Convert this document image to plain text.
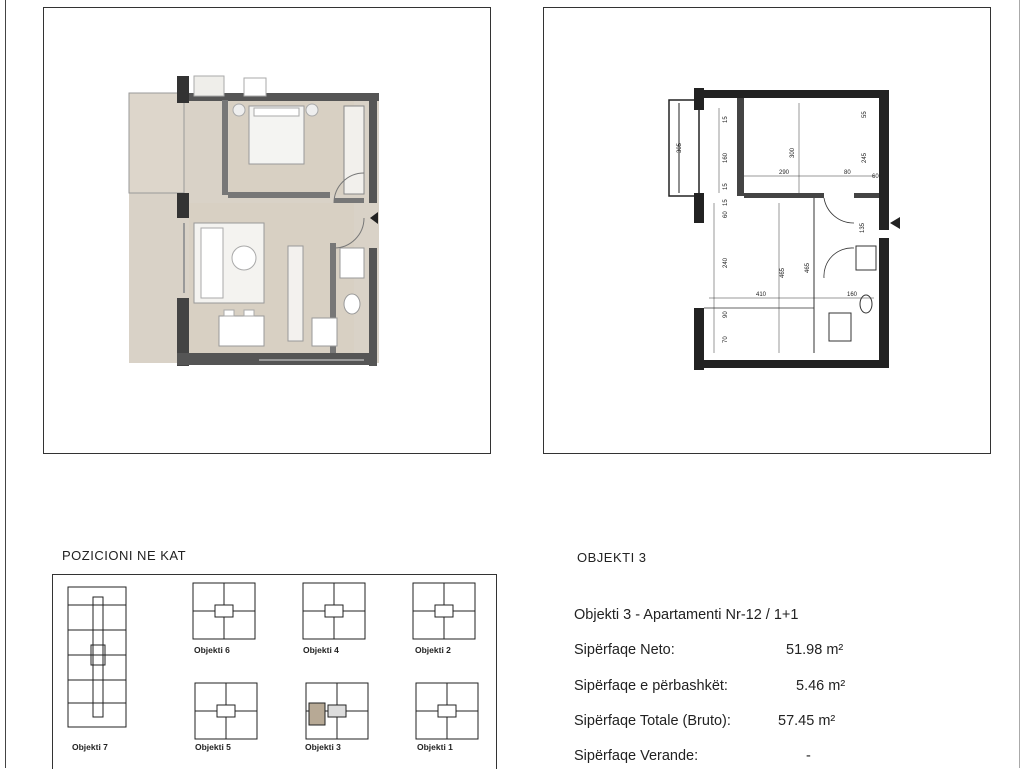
305
160	300
290
245
55
60
80
60
135
240
465	465
410	160
90
70
15
15
15
POZICIONI NE KAT	OBJEKTI 3
Objekti 7
Objekti 6	Objekti 4	Objekti 2
Objekti 5	Objekti 3	Objekti 1
Objekti 3 - Apartamenti Nr-12 / 1+1
Sipërfaqe Neto:	51.98 m²
Sipërfaqe e përbashkët:	5.46 m²
Sipërfaqe Totale (Bruto):	57.45 m²
Sipërfaqe Verande:	-
